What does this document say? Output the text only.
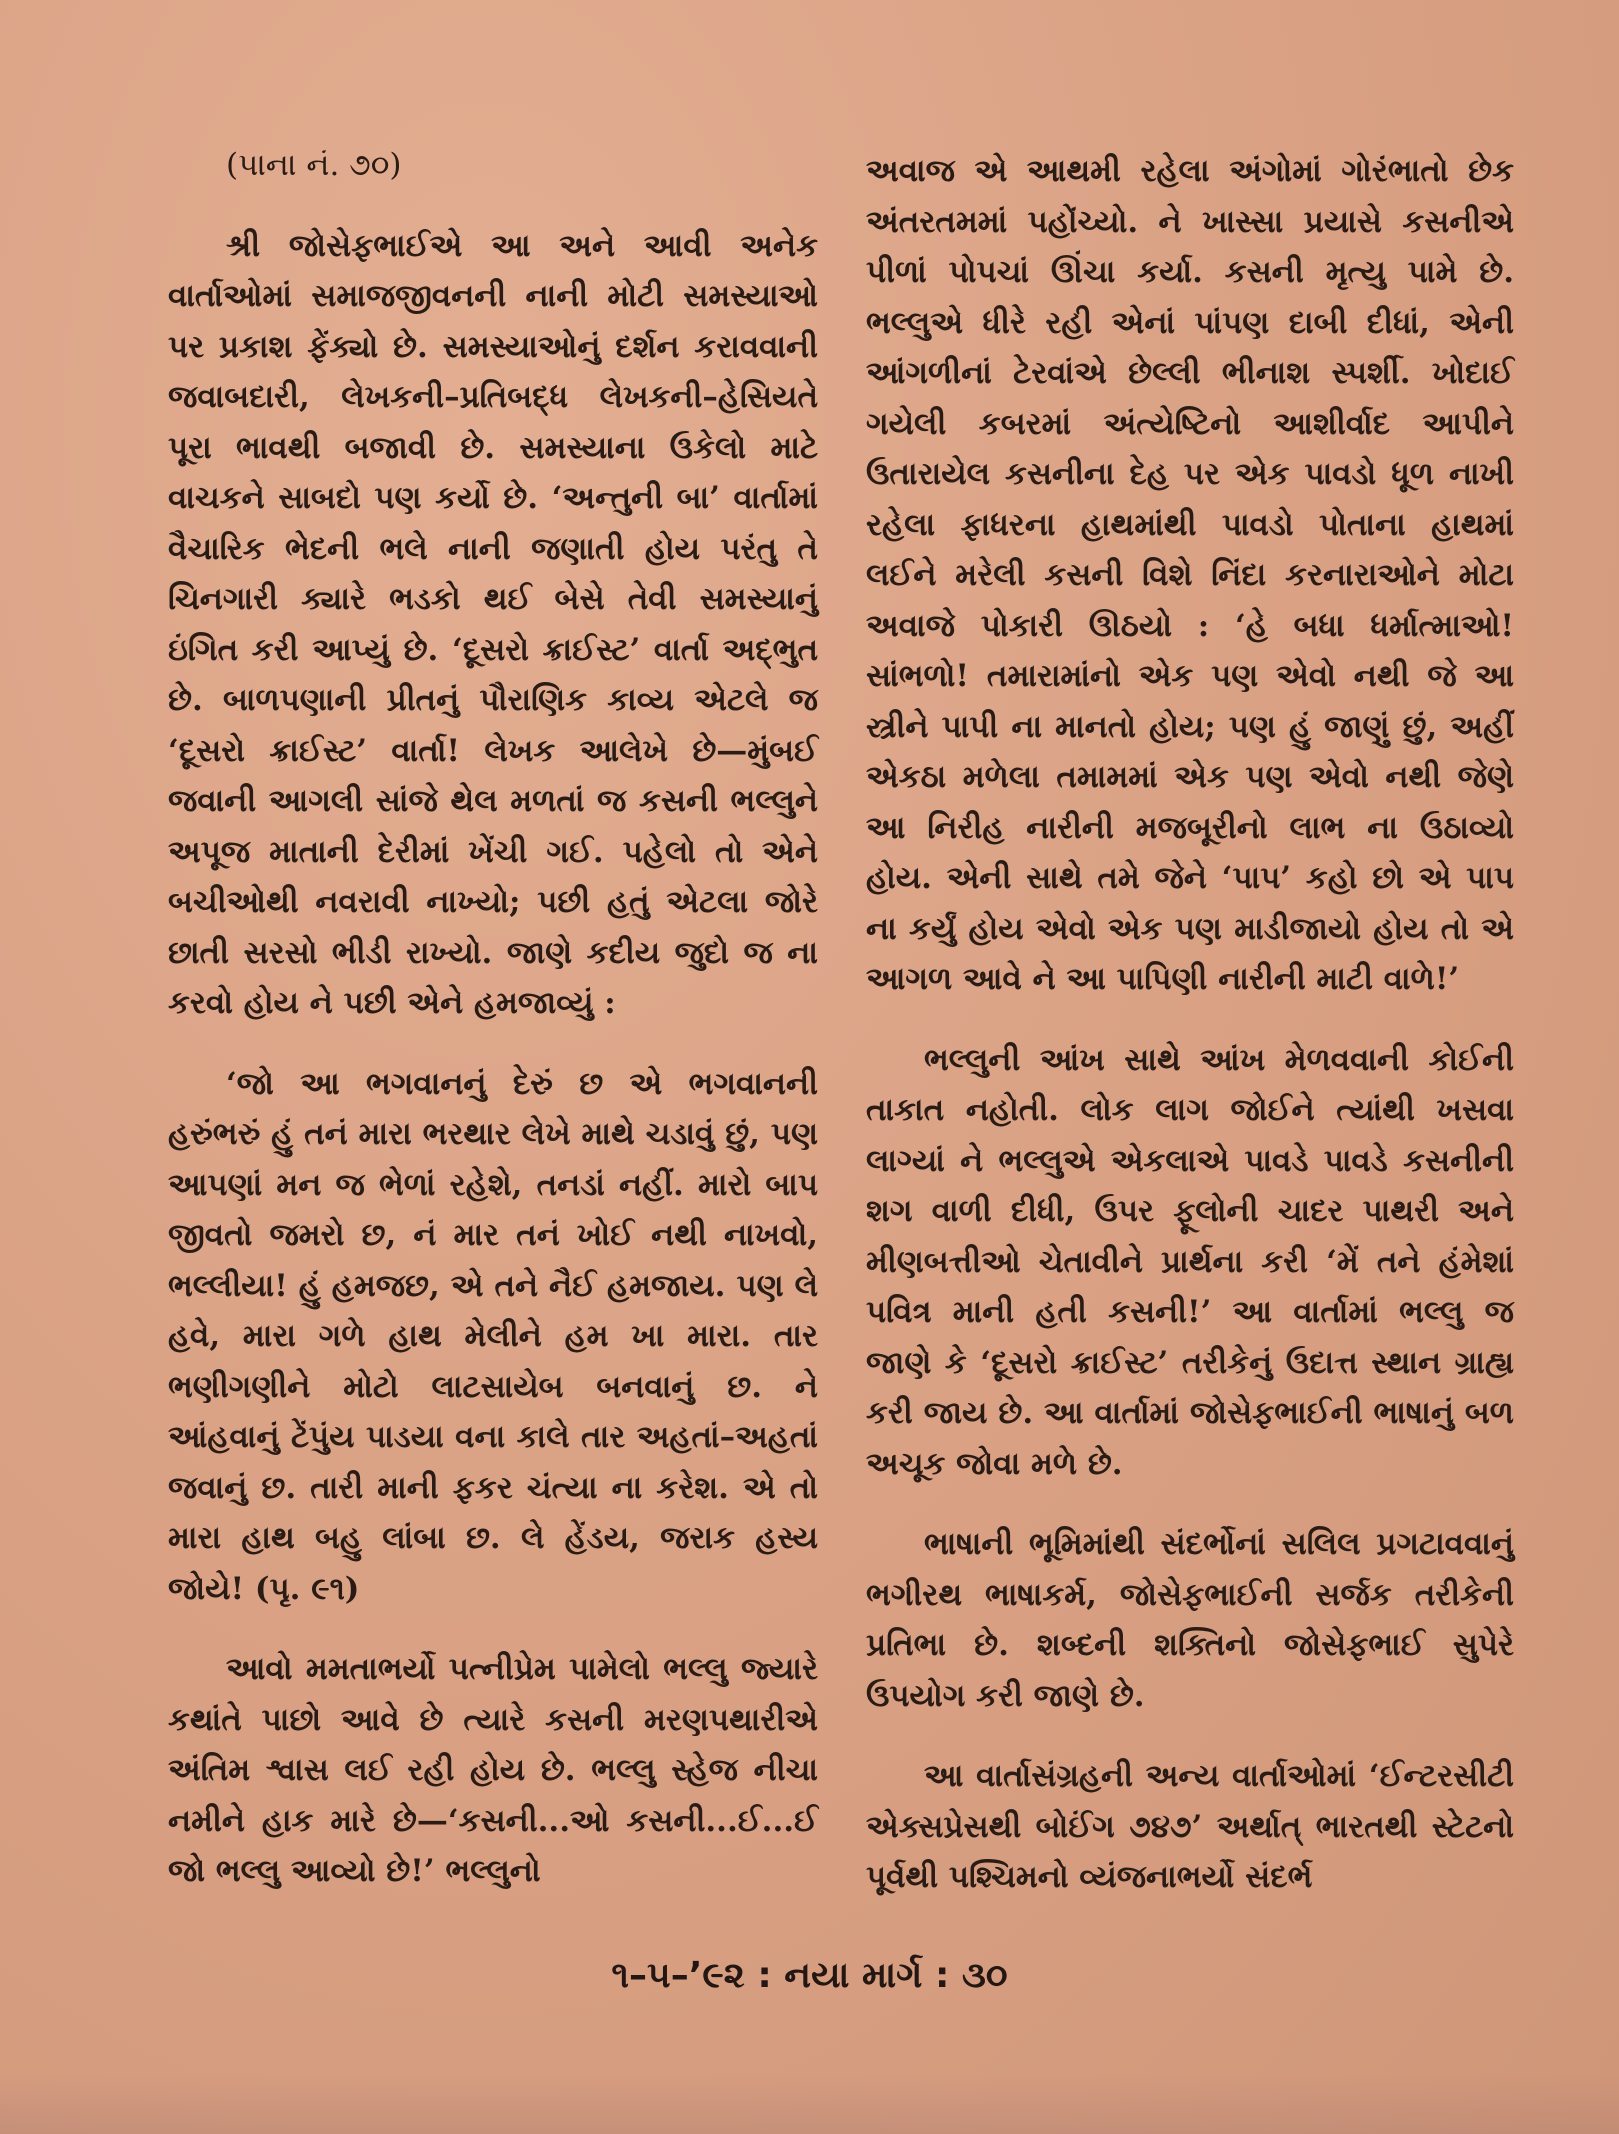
(પાના નં. ૭૦)

શ્રી જોસેફભાઈએ આ અને આવી અનેક વાર્તાઓમાં સમાજજીવનની નાની મોટી સમસ્યાઓ પર પ્રકાશ ફેંક્યો છે. સમસ્યાઓનું દર્શન કરાવવાની જવાબદારી, લેખકની–પ્રતિબદ્ધ લેખકની–હેસિયતે પૂરા ભાવથી બજાવી છે. સમસ્યાના ઉકેલો માટે વાચકને સાબદો પણ કર્યો છે. ‘અન્તુની બા’ વાર્તામાં વૈચારિક ભેદની ભલે નાની જણાતી હોય પરંતુ તે ચિનગારી ક્યારે ભડકો થઈ બેસે તેવી સમસ્યાનું ઇંગિત કરી આપ્યું છે. ‘દૂસરો ક્રાઈસ્ટ’ વાર્તા અદ્ભુત છે. બાળપણાની પ્રીતનું પૌરાણિક કાવ્ય એટલે જ ‘દૂસરો ક્રાઈસ્ટ’ વાર્તા! લેખક આલેખે છે—મુંબઈ જવાની આગલી સાંજે થેલ મળતાં જ કસની ભલ્લુને અપૂજ માતાની દેરીમાં ખેંચી ગઈ. પહેલો તો એને બચીઓથી નવરાવી નાખ્યો; પછી હતું એટલા જોરે છાતી સરસો ભીડી રાખ્યો. જાણે કદીય જુદો જ ના કરવો હોય ને પછી એને હમજાવ્યું :

‘જો આ ભગવાનનું દેરું છ એ ભગવાનની હરુંભરું હું તનં મારા ભરથાર લેખે માથે ચડાવું છું, પણ આપણાં મન જ ભેળાં રહેશે, તનડાં નહીં. મારો બાપ જીવતો જમરો છ, નં માર તનં ખોઈ નથી નાખવો, ભલ્લીયા! હું હમજછ, એ તને નૈઈ હમજાય. પણ લે હવે, મારા ગળે હાથ મેલીને હમ ખા મારા. તાર ભણીગણીને મોટો લાટસાયેબ બનવાનું છ. ને આંહવાનું ટેંપુંય પાડયા વના કાલે તાર અહતાં–અહતાં જવાનું છ. તારી માની ફકર ચંત્યા ના કરેશ. એ તો મારા હાથ બહુ લાંબા છ. લે હેંડય, જરાક હસ્ય જોયે! (પૃ. ૯૧)

આવો મમતાભર્યો પત્નીપ્રેમ પામેલો ભલ્લુ જ્યારે કથાંતે પાછો આવે છે ત્યારે કસની મરણપથારીએ અંતિમ શ્વાસ લઈ રહી હોય છે. ભલ્લુ સ્હેજ નીચા નમીને હાક મારે છે—‘કસની...ઓ કસની...ઈ...ઈ જો ભલ્લુ આવ્યો છે!’ ભલ્લુનો

અવાજ એ આથમી રહેલા અંગોમાં ગોરંભાતો છેક અંતરતમમાં પહોંચ્યો. ને ખાસ્સા પ્રયાસે કસનીએ પીળાં પોપચાં ઊંચા કર્યા. કસની મૃત્યુ પામે છે. ભલ્લુએ ધીરે રહી એનાં પાંપણ દાબી દીધાં, એની આંગળીનાં ટેરવાંએ છેલ્લી ભીનાશ સ્પર્શી. ખોદાઈ ગયેલી કબરમાં અંત્યેષ્ટિનો આશીર્વાદ આપીને ઉતારાયેલ કસનીના દેહ પર એક પાવડો ધૂળ નાખી રહેલા ફાધરના હાથમાંથી પાવડો પોતાના હાથમાં લઈને મરેલી કસની વિશે નિંદા કરનારાઓને મોટા અવાજે પોકારી ઊઠયો : ‘હે બધા ધર્માત્માઓ! સાંભળો! તમારામાંનો એક પણ એવો નથી જે આ સ્ત્રીને પાપી ના માનતો હોય; પણ હું જાણું છું, અહીં એકઠા મળેલા તમામમાં એક પણ એવો નથી જેણે આ નિરીહ નારીની મજબૂરીનો લાભ ના ઉઠાવ્યો હોય. એની સાથે તમે જેને ‘પાપ’ કહો છો એ પાપ ના કર્યું હોય એવો એક પણ માડીજાયો હોય તો એ આગળ આવે ને આ પાપિણી નારીની માટી વાળે!’

ભલ્લુની આંખ સાથે આંખ મેળવવાની કોઈની તાકાત નહોતી. લોક લાગ જોઈને ત્યાંથી ખસવા લાગ્યાં ને ભલ્લુએ એકલાએ પાવડે પાવડે કસનીની શગ વાળી દીધી, ઉપર ફૂલોની ચાદર પાથરી અને મીણબત્તીઓ ચેતાવીને પ્રાર્થના કરી ‘મેં તને હંમેશાં પવિત્ર માની હતી કસની!’ આ વાર્તામાં ભલ્લુ જ જાણે કે ‘દૂસરો ક્રાઈસ્ટ’ તરીકેનું ઉદાત્ત સ્થાન ગ્રાહ્ય કરી જાય છે. આ વાર્તામાં જોસેફભાઈની ભાષાનું બળ અચૂક જોવા મળે છે.

ભાષાની ભૂમિમાંથી સંદર્ભોનાં સલિલ પ્રગટાવવાનું ભગીરથ ભાષાકર્મ, જોસેફભાઈની સર્જક તરીકેની પ્રતિભા છે. શબ્દની શક્તિનો જોસેફભાઈ સુપેરે ઉપયોગ કરી જાણે છે.

આ વાર્તાસંગ્રહની અન્ય વાર્તાઓમાં ‘ઈન્ટરસીટી એક્સપ્રેસથી બોઈંગ ૭૪૭’ અર્થાત્ ભારતથી સ્ટેટનો પૂર્વથી પશ્ચિમનો વ્યંજનાભર્યો સંદર્ભ

૧–૫–’૯૨ : નયા માર્ગ : ૩૦
